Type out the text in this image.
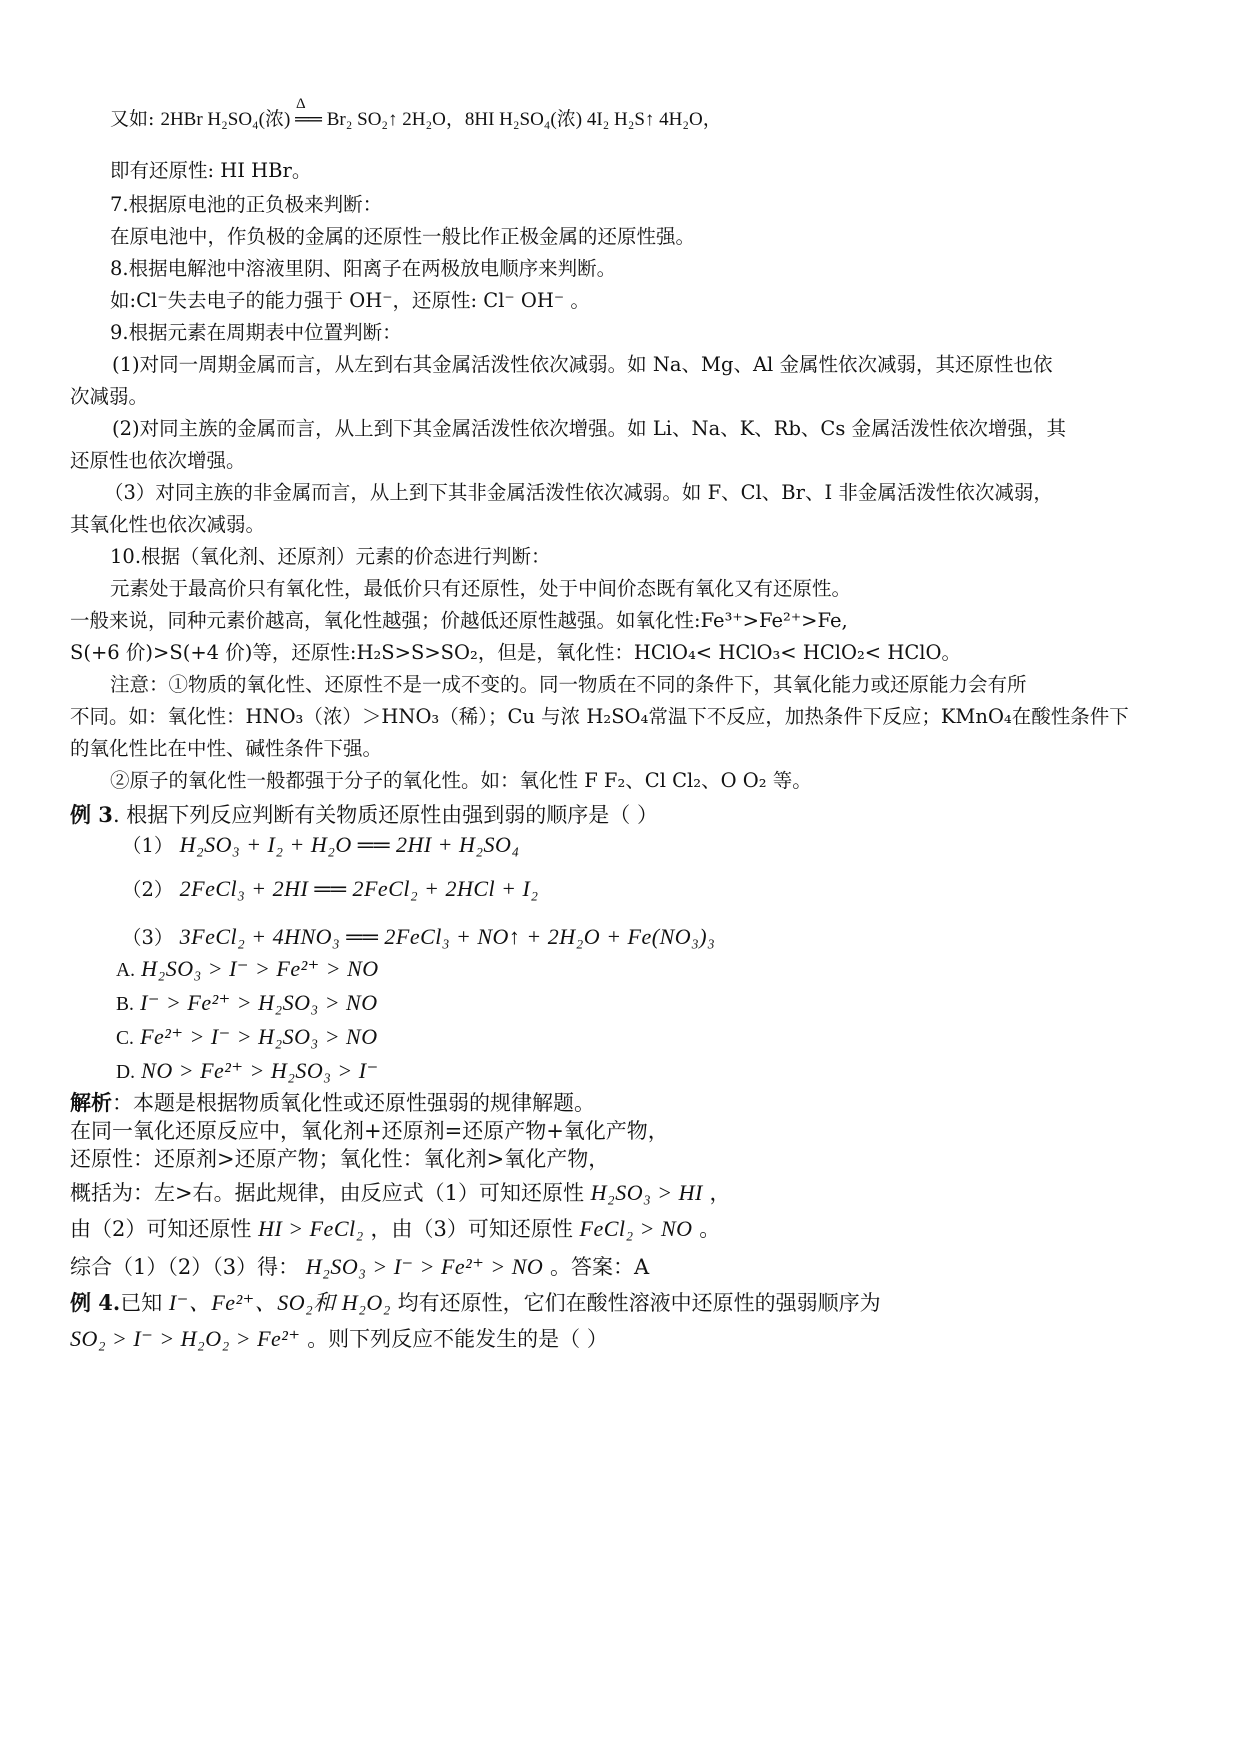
又如: 2HBr H₂SO₄(浓) ══ Br₂ SO₂↑ 2H₂O，8HI H₂SO₄(浓) 4I₂ H₂S↑ 4H₂O，
Δ
即有还原性: HI HBr。
7.根据原电池的正负极来判断：
在原电池中，作负极的金属的还原性一般比作正极金属的还原性强。
8.根据电解池中溶液里阴、阳离子在两极放电顺序来判断。
如:Cl⁻失去电子的能力强于 OH⁻，还原性: Cl⁻ OH⁻ 。
9.根据元素在周期表中位置判断：
(1)对同一周期金属而言，从左到右其金属活泼性依次减弱。如 Na、Mg、Al 金属性依次减弱，其还原性也依
次减弱。
(2)对同主族的金属而言，从上到下其金属活泼性依次增强。如 Li、Na、K、Rb、Cs 金属活泼性依次增强，其
还原性也依次增强。
（3）对同主族的非金属而言，从上到下其非金属活泼性依次减弱。如 F、Cl、Br、I 非金属活泼性依次减弱，
其氧化性也依次减弱。
10.根据（氧化剂、还原剂）元素的价态进行判断：
元素处于最高价只有氧化性，最低价只有还原性，处于中间价态既有氧化又有还原性。
一般来说，同种元素价越高，氧化性越强；价越低还原性越强。如氧化性:Fe³⁺>Fe²⁺>Fe,
S(+6 价)>S(+4 价)等，还原性:H₂S>S>SO₂，但是，氧化性：HClO₄< HClO₃< HClO₂< HClO。
注意：①物质的氧化性、还原性不是一成不变的。同一物质在不同的条件下，其氧化能力或还原能力会有所
不同。如：氧化性：HNO₃（浓）＞HNO₃（稀）；Cu 与浓 H₂SO₄常温下不反应，加热条件下反应；KMnO₄在酸性条件下
的氧化性比在中性、碱性条件下强。
②原子的氧化性一般都强于分子的氧化性。如：氧化性 F F₂、Cl Cl₂、O O₂ 等。
例 3. 根据下列反应判断有关物质还原性由强到弱的顺序是（ ）
（1） H₂SO₃ + I₂ + H₂O ══ 2HI + H₂SO₄
（2） 2FeCl₃ + 2HI ══ 2FeCl₂ + 2HCl + I₂
（3） 3FeCl₂ + 4HNO₃ ══ 2FeCl₃ + NO↑ + 2H₂O + Fe(NO₃)₃
A. H₂SO₃ > I⁻ > Fe²⁺ > NO
B. I⁻ > Fe²⁺ > H₂SO₃ > NO
C. Fe²⁺ > I⁻ > H₂SO₃ > NO
D. NO > Fe²⁺ > H₂SO₃ > I⁻
解析：本题是根据物质氧化性或还原性强弱的规律解题。
在同一氧化还原反应中，氧化剂+还原剂=还原产物+氧化产物，
还原性：还原剂>还原产物；氧化性：氧化剂>氧化产物，
概括为：左>右。据此规律，由反应式（1）可知还原性 H₂SO₃ > HI ，
由（2）可知还原性 HI > FeCl₂ ，由（3）可知还原性 FeCl₂ > NO 。
综合（1）（2）（3）得： H₂SO₃ > I⁻ > Fe²⁺ > NO 。答案：A
例 4.已知 I⁻、Fe²⁺、SO₂和 H₂O₂ 均有还原性，它们在酸性溶液中还原性的强弱顺序为
SO₂ > I⁻ > H₂O₂ > Fe²⁺ 。则下列反应不能发生的是（ ）
